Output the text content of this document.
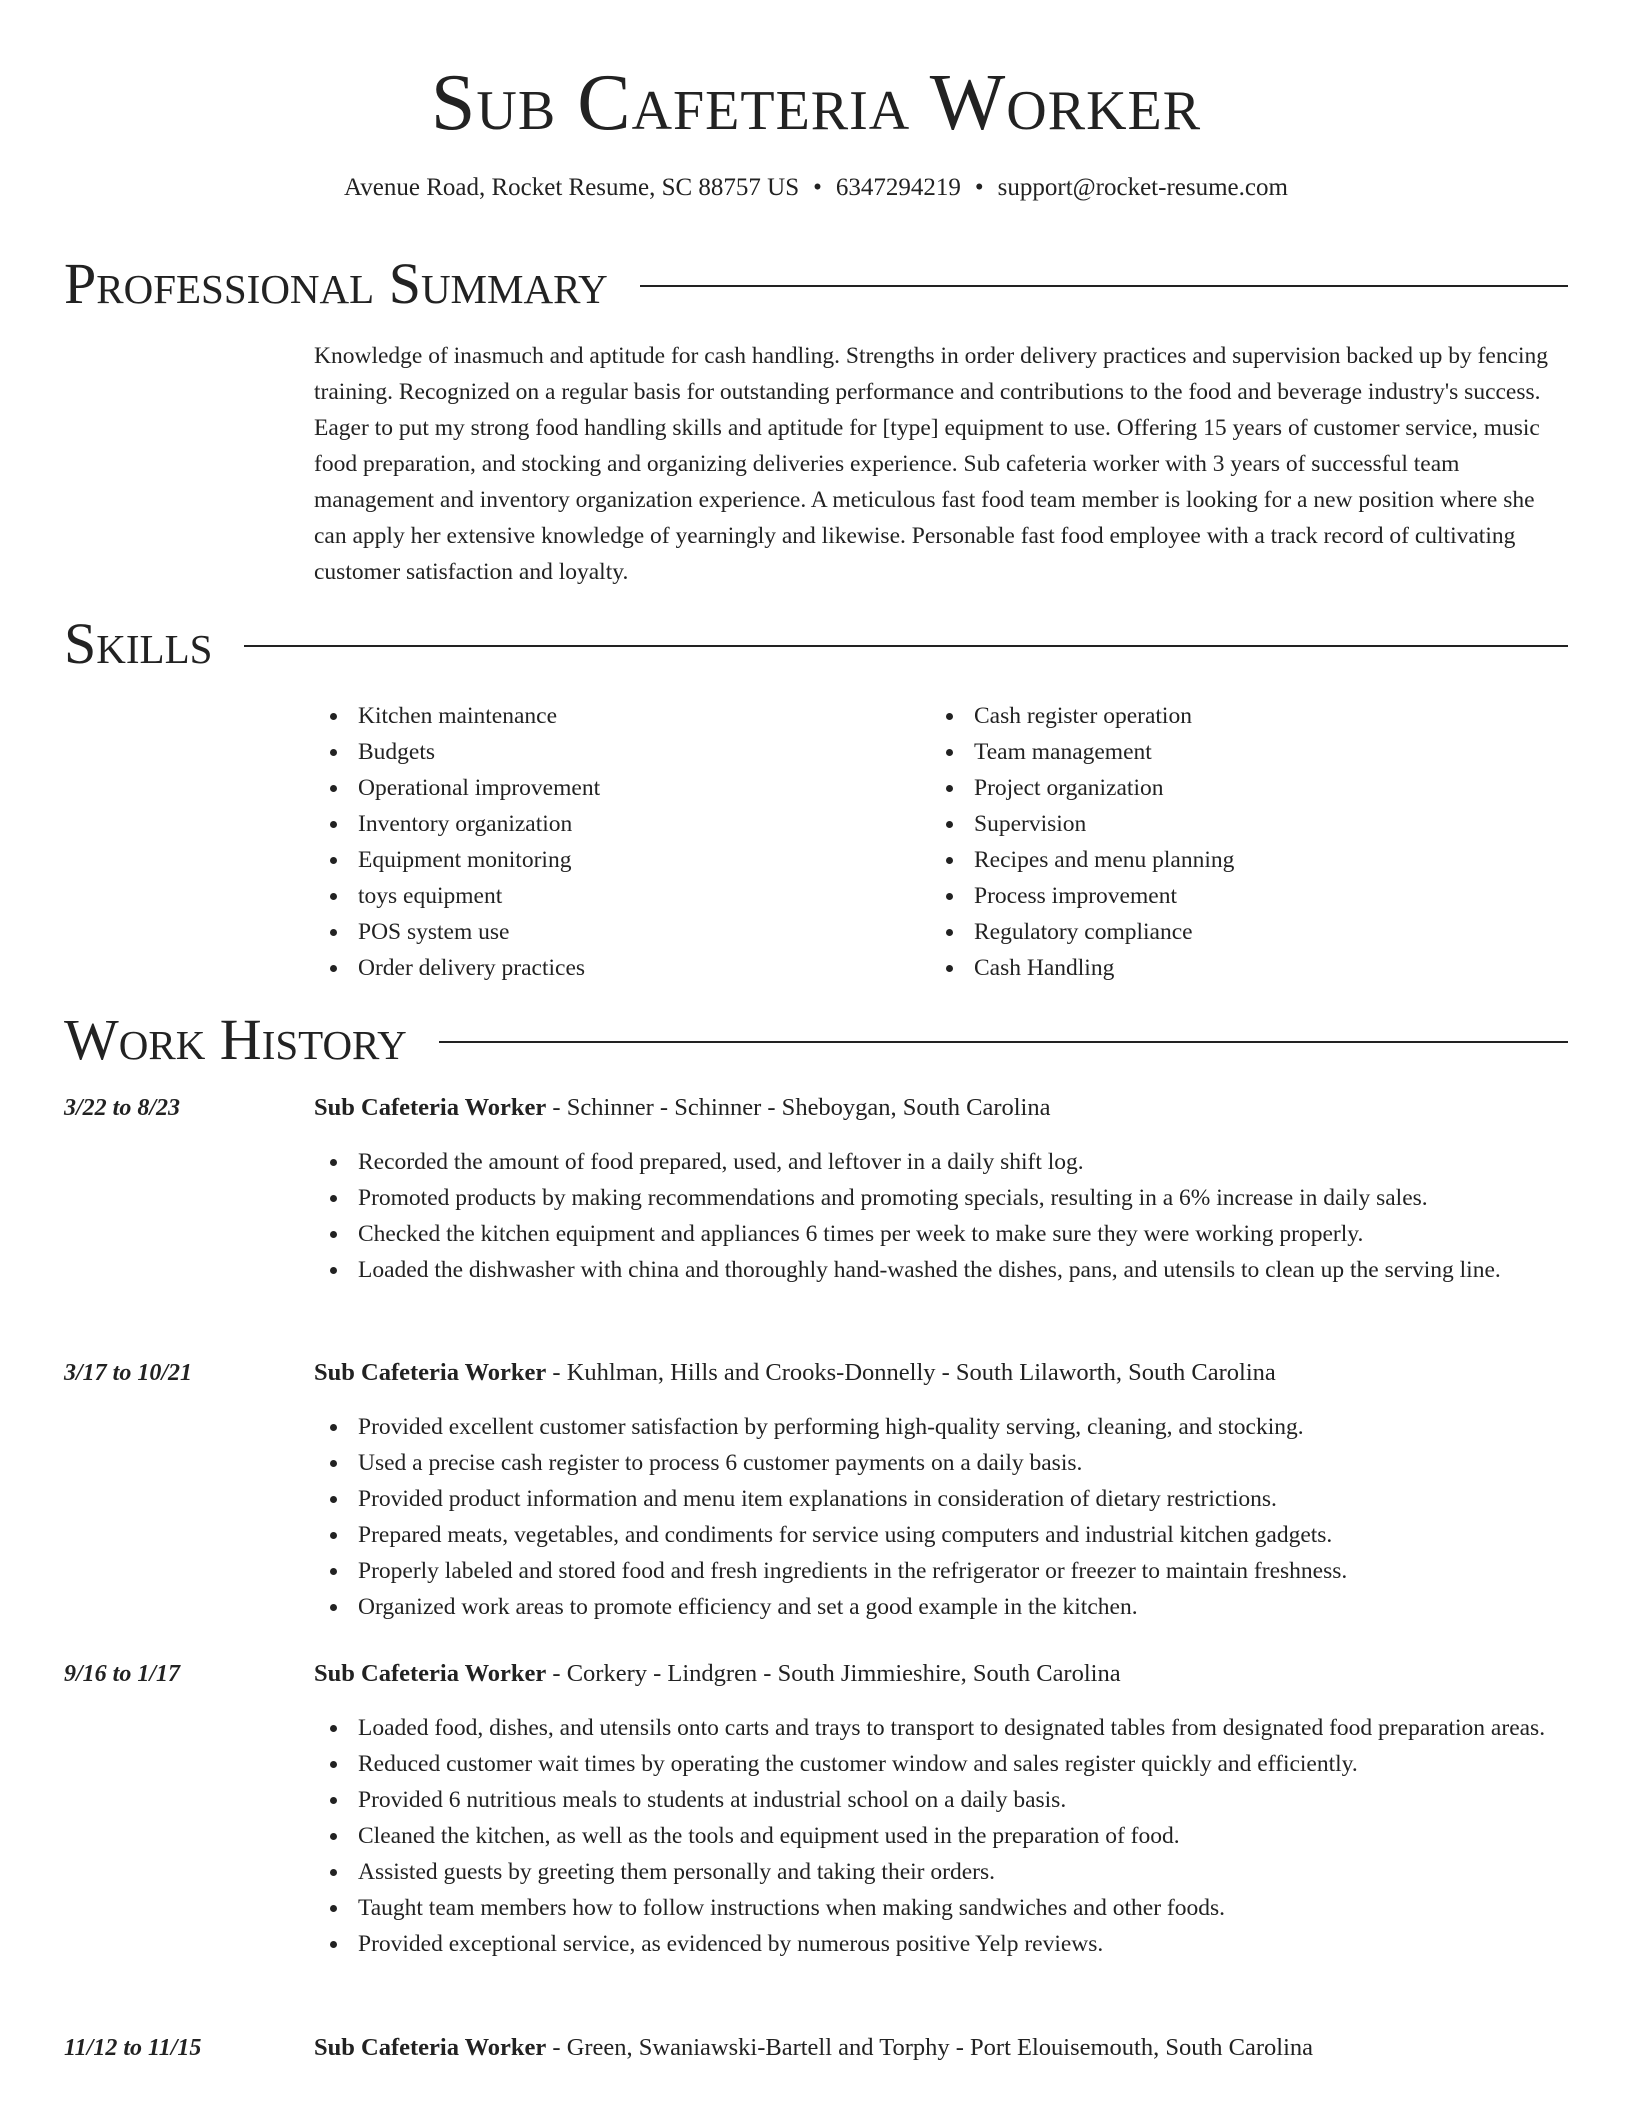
Sub Cafeteria Worker
Avenue Road, Rocket Resume, SC 88757 US • 6347294219 • support@rocket-resume.com
Professional Summary

Knowledge of inasmuch and aptitude for cash handling. Strengths in order delivery practices and supervision backed up by fencing training. Recognized on a regular basis for outstanding performance and contributions to the food and beverage industry's success. Eager to put my strong food handling skills and aptitude for [type] equipment to use. Offering 15 years of customer service, music food preparation, and stocking and organizing deliveries experience. Sub cafeteria worker with 3 years of successful team management and inventory organization experience. A meticulous fast food team member is looking for a new position where she can apply her extensive knowledge of yearningly and likewise. Personable fast food employee with a track record of cultivating customer satisfaction and loyalty.

Skills
Kitchen maintenance
Budgets
Operational improvement
Inventory organization
Equipment monitoring
toys equipment
POS system use
Order delivery practices
Cash register operation
Team management
Project organization
Supervision
Recipes and menu planning
Process improvement
Regulatory compliance
Cash Handling
Work History
3/22 to 8/23	Sub Cafeteria Worker - Schinner - Schinner - Sheboygan, South Carolina
Recorded the amount of food prepared, used, and leftover in a daily shift log.
Promoted products by making recommendations and promoting specials, resulting in a 6% increase in daily sales.
Checked the kitchen equipment and appliances 6 times per week to make sure they were working properly.
Loaded the dishwasher with china and thoroughly hand-washed the dishes, pans, and utensils to clean up the serving line.
3/17 to 10/21	Sub Cafeteria Worker - Kuhlman, Hills and Crooks-Donnelly - South Lilaworth, South Carolina
Provided excellent customer satisfaction by performing high-quality serving, cleaning, and stocking.
Used a precise cash register to process 6 customer payments on a daily basis.
Provided product information and menu item explanations in consideration of dietary restrictions.
Prepared meats, vegetables, and condiments for service using computers and industrial kitchen gadgets.
Properly labeled and stored food and fresh ingredients in the refrigerator or freezer to maintain freshness.
Organized work areas to promote efficiency and set a good example in the kitchen.
9/16 to 1/17	Sub Cafeteria Worker - Corkery - Lindgren - South Jimmieshire, South Carolina
Loaded food, dishes, and utensils onto carts and trays to transport to designated tables from designated food preparation areas.
Reduced customer wait times by operating the customer window and sales register quickly and efficiently.
Provided 6 nutritious meals to students at industrial school on a daily basis.
Cleaned the kitchen, as well as the tools and equipment used in the preparation of food.
Assisted guests by greeting them personally and taking their orders.
Taught team members how to follow instructions when making sandwiches and other foods.
Provided exceptional service, as evidenced by numerous positive Yelp reviews.
11/12 to 11/15	Sub Cafeteria Worker - Green, Swaniawski-Bartell and Torphy - Port Elouisemouth, South Carolina
